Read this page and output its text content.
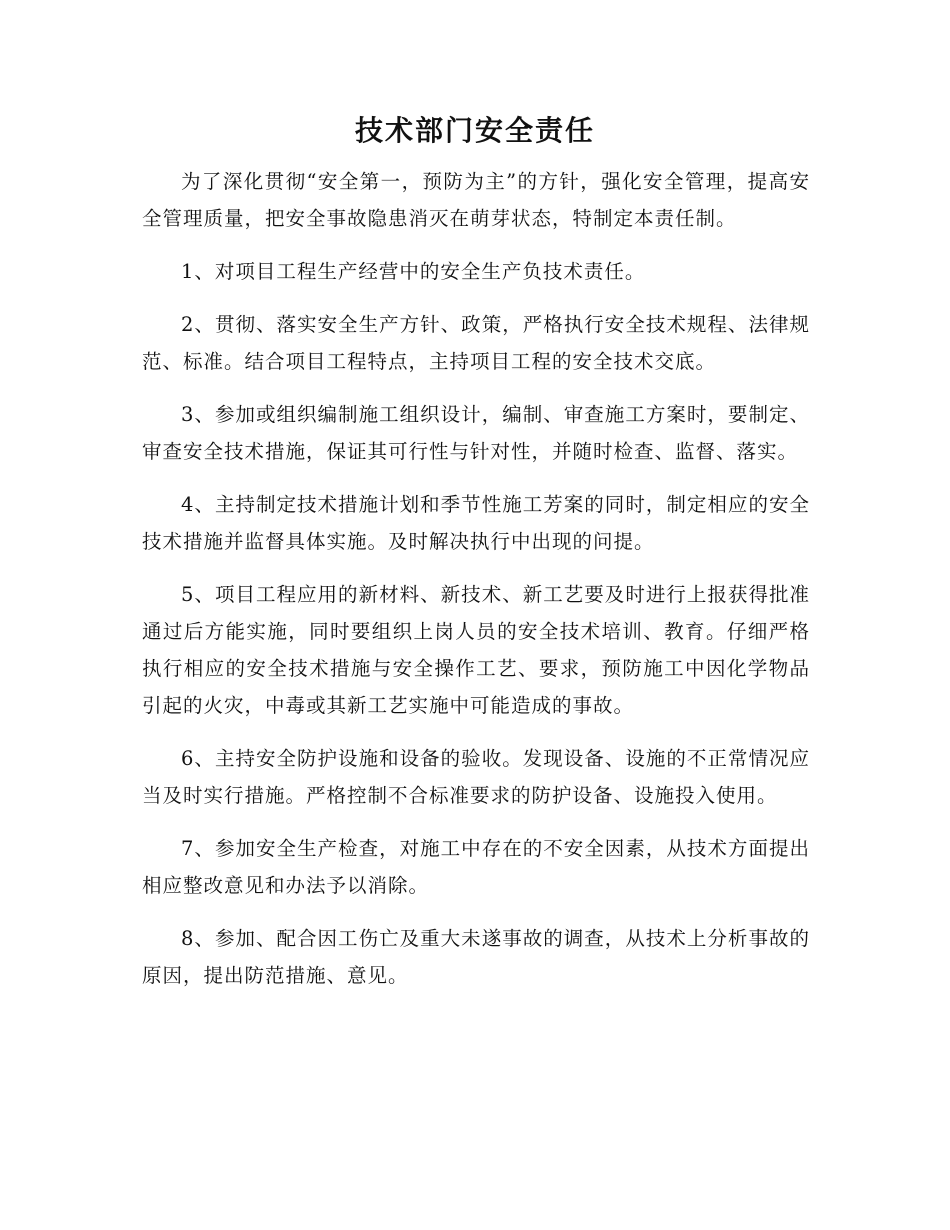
技术部门安全责任

为了深化贯彻“安全第一，预防为主”的方针，强化安全管理，提高安全管理质量，把安全事故隐患消灭在萌芽状态，特制定本责任制。

1、对项目工程生产经营中的安全生产负技术责任。

2、贯彻、落实安全生产方针、政策，严格执行安全技术规程、法律规范、标准。结合项目工程特点，主持项目工程的安全技术交底。

3、参加或组织编制施工组织设计，编制、审查施工方案时，要制定、审查安全技术措施，保证其可行性与针对性，并随时检查、监督、落实。

4、主持制定技术措施计划和季节性施工芳案的同时，制定相应的安全技术措施并监督具体实施。及时解决执行中出现的问提。

5、项目工程应用的新材料、新技术、新工艺要及时进行上报获得批准通过后方能实施，同时要组织上岗人员的安全技术培训、教育。仔细严格执行相应的安全技术措施与安全操作工艺、要求，预防施工中因化学物品引起的火灾，中毒或其新工艺实施中可能造成的事故。

6、主持安全防护设施和设备的验收。发现设备、设施的不正常情况应当及时实行措施。严格控制不合标准要求的防护设备、设施投入使用。

7、参加安全生产检查，对施工中存在的不安全因素，从技术方面提出相应整改意见和办法予以消除。

8、参加、配合因工伤亡及重大未遂事故的调查，从技术上分析事故的原因，提出防范措施、意见。
